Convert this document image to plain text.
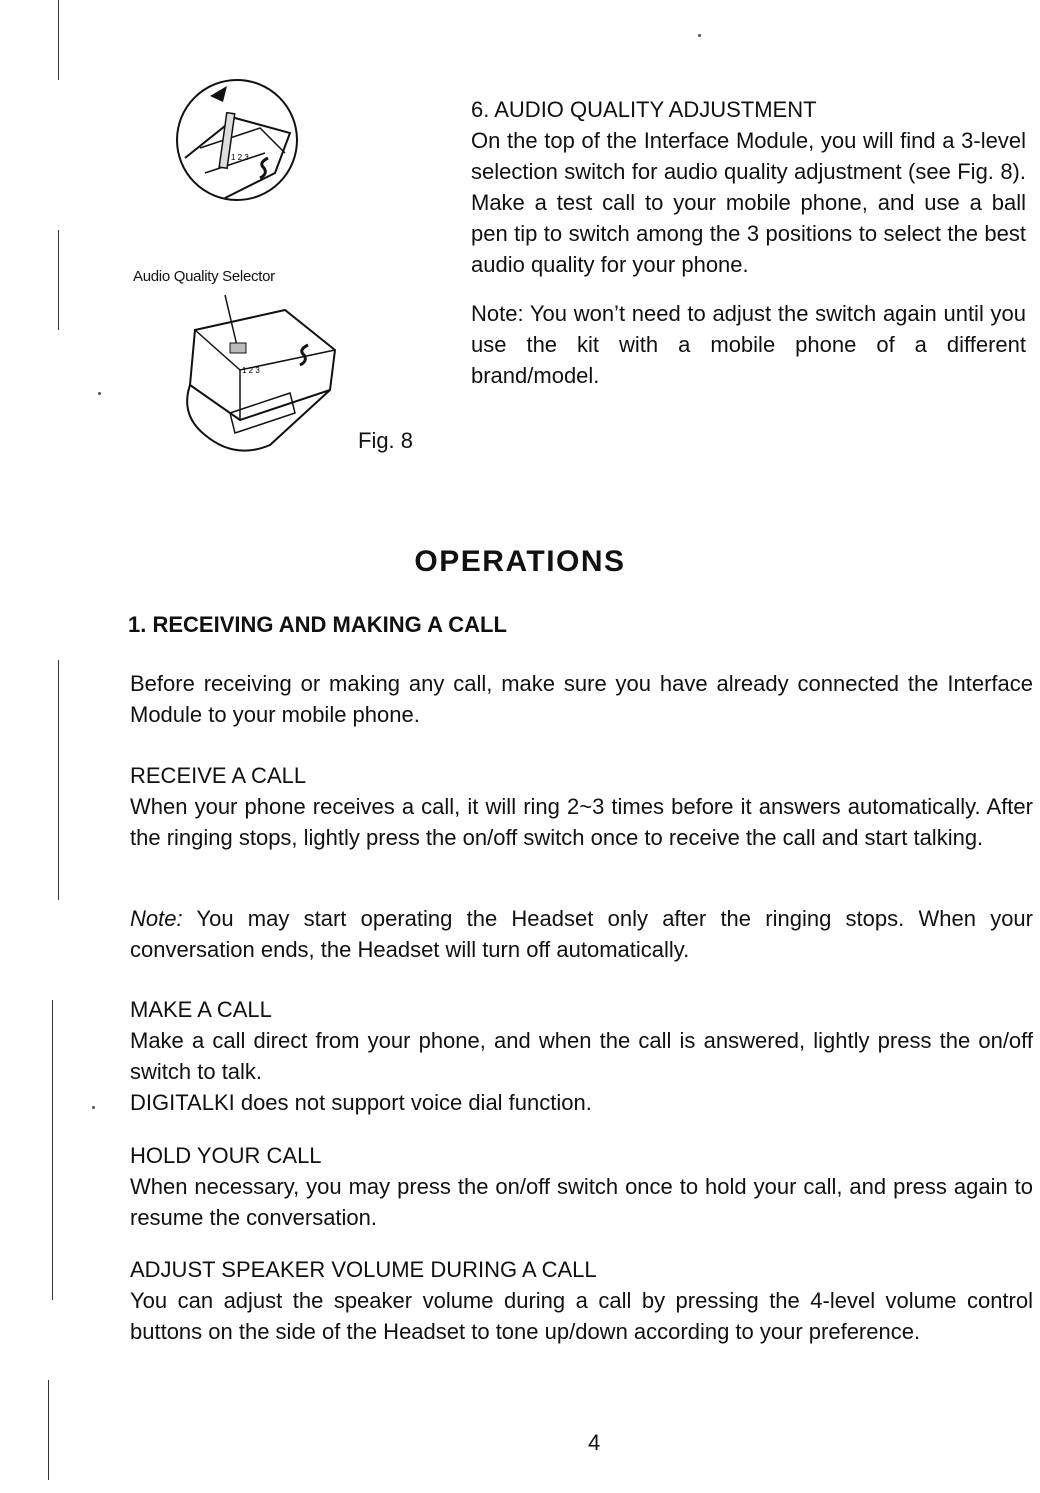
1 2 3
Audio Quality Selector
1 2 3
Fig. 8

6. AUDIO QUALITY ADJUSTMENT

On the top of the Interface Module, you will find a 3-level selection switch for audio quality adjustment (see Fig. 8). Make a test call to your mobile phone, and use a ball pen tip to switch among the 3 positions to select the best audio quality for your phone.

Note: You won’t need to adjust the switch again until you use the kit with a mobile phone of a different brand/model.

OPERATIONS
1. RECEIVING AND MAKING A CALL

Before receiving or making any call, make sure you have already connected the Interface Module to your mobile phone.

RECEIVE A CALL

When your phone receives a call, it will ring 2~3 times before it answers automatically. After the ringing stops, lightly press the on/off switch once to receive the call and start talking.

Note: You may start operating the Headset only after the ringing stops. When your conversation ends, the Headset will turn off automatically.

MAKE A CALL

Make a call direct from your phone, and when the call is answered, lightly press the on/off switch to talk.

DIGITALKI does not support voice dial function.

HOLD YOUR CALL

When necessary, you may press the on/off switch once to hold your call, and press again to resume the conversation.

ADJUST SPEAKER VOLUME DURING A CALL

You can adjust the speaker volume during a call by pressing the 4-level volume control buttons on the side of the Headset to tone up/down according to your preference.

4
